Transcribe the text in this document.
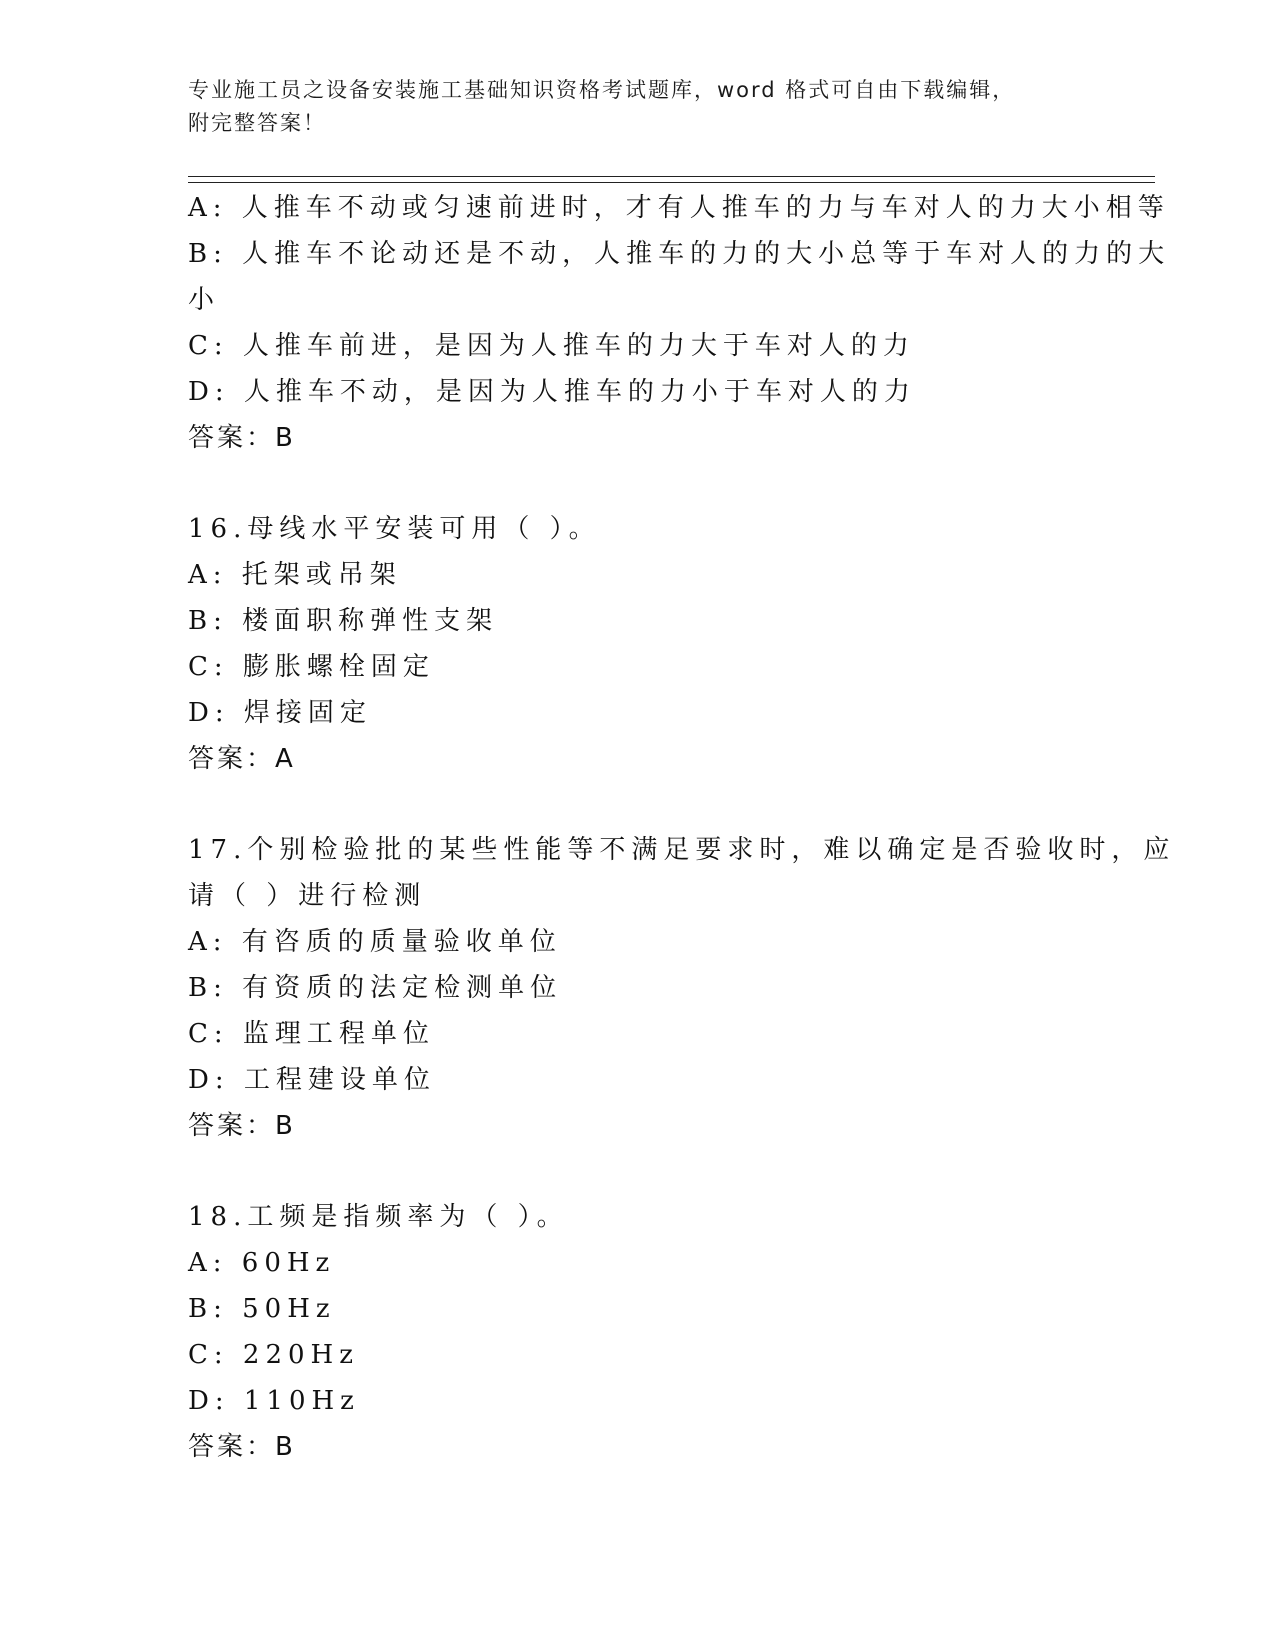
专业施工员之设备安装施工基础知识资格考试题库，word 格式可自由下载编辑，
附完整答案！
A: 人推车不动或匀速前进时，才有人推车的力与车对人的力大小相等
B: 人推车不论动还是不动，人推车的力的大小总等于车对人的力的大
小
C: 人推车前进，是因为人推车的力大于车对人的力
D: 人推车不动，是因为人推车的力小于车对人的力
答案：B
16.母线水平安装可用（ ）。
A: 托架或吊架
B: 楼面职称弹性支架
C: 膨胀螺栓固定
D: 焊接固定
答案：A
17.个别检验批的某些性能等不满足要求时，难以确定是否验收时，应
请（ ）进行检测
A: 有咨质的质量验收单位
B: 有资质的法定检测单位
C: 监理工程单位
D: 工程建设单位
答案：B
18.工频是指频率为（ ）。
A: 60Hz
B: 50Hz
C: 220Hz
D: 110Hz
答案：B
